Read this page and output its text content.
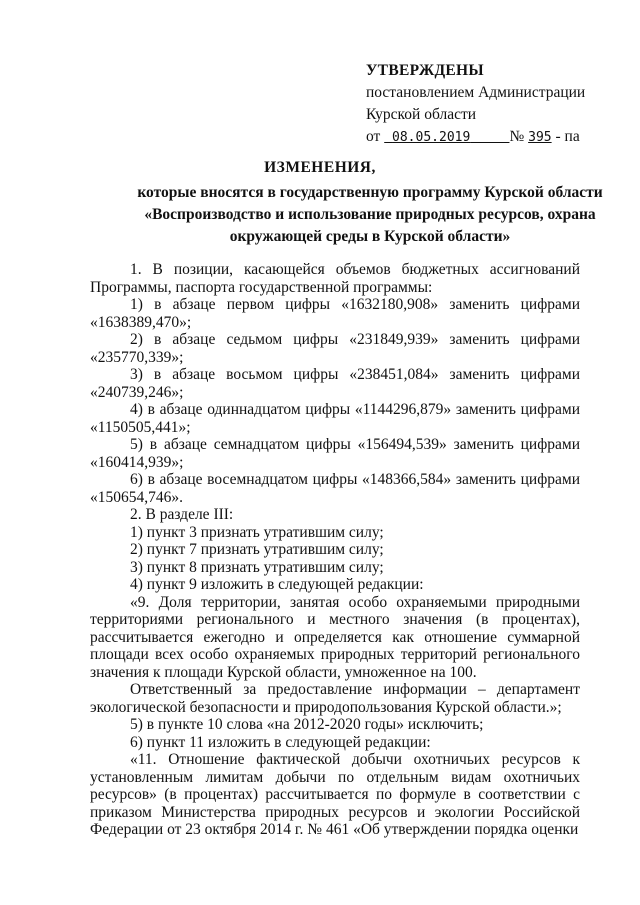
УТВЕРЖДЕНЫ
постановлением Администрации
Курской области
от 08.05.2019	№ 395 - па
ИЗМЕНЕНИЯ,
которые вносятся в государственную программу Курской области «Воспроизводство и использование природных ресурсов, охрана окружающей среды в Курской области»

1. В позиции, касающейся объемов бюджетных ассигнований Программы, паспорта государственной программы:

1) в абзаце первом цифры «1632180,908» заменить цифрами «1638389,470»;

2) в абзаце седьмом цифры «231849,939» заменить цифрами «235770,339»;

3) в абзаце восьмом цифры «238451,084» заменить цифрами «240739,246»;

4) в абзаце одиннадцатом цифры «1144296,879» заменить цифрами «1150505,441»;

5) в абзаце семнадцатом цифры «156494,539» заменить цифрами «160414,939»;

6) в абзаце восемнадцатом цифры «148366,584» заменить цифрами «150654,746».

2. В разделе III:

1) пункт 3 признать утратившим силу;

2) пункт 7 признать утратившим силу;

3) пункт 8 признать утратившим силу;

4) пункт 9 изложить в следующей редакции:

«9. Доля территории, занятая особо охраняемыми природными территориями регионального и местного значения (в процентах), рассчитывается ежегодно и определяется как отношение суммарной площади всех особо охраняемых природных территорий регионального значения к площади Курской области, умноженное на 100.

Ответственный за предоставление информации – департамент экологической безопасности и природопользования Курской области.»;

5) в пункте 10 слова «на 2012-2020 годы» исключить;

6) пункт 11 изложить в следующей редакции:

«11. Отношение фактической добычи охотничьих ресурсов к установленным лимитам добычи по отдельным видам охотничьих ресурсов» (в процентах) рассчитывается по формуле в соответствии с приказом Министерства природных ресурсов и экологии Российской Федерации от 23 октября 2014 г. № 461 «Об утверждении порядка оценки
